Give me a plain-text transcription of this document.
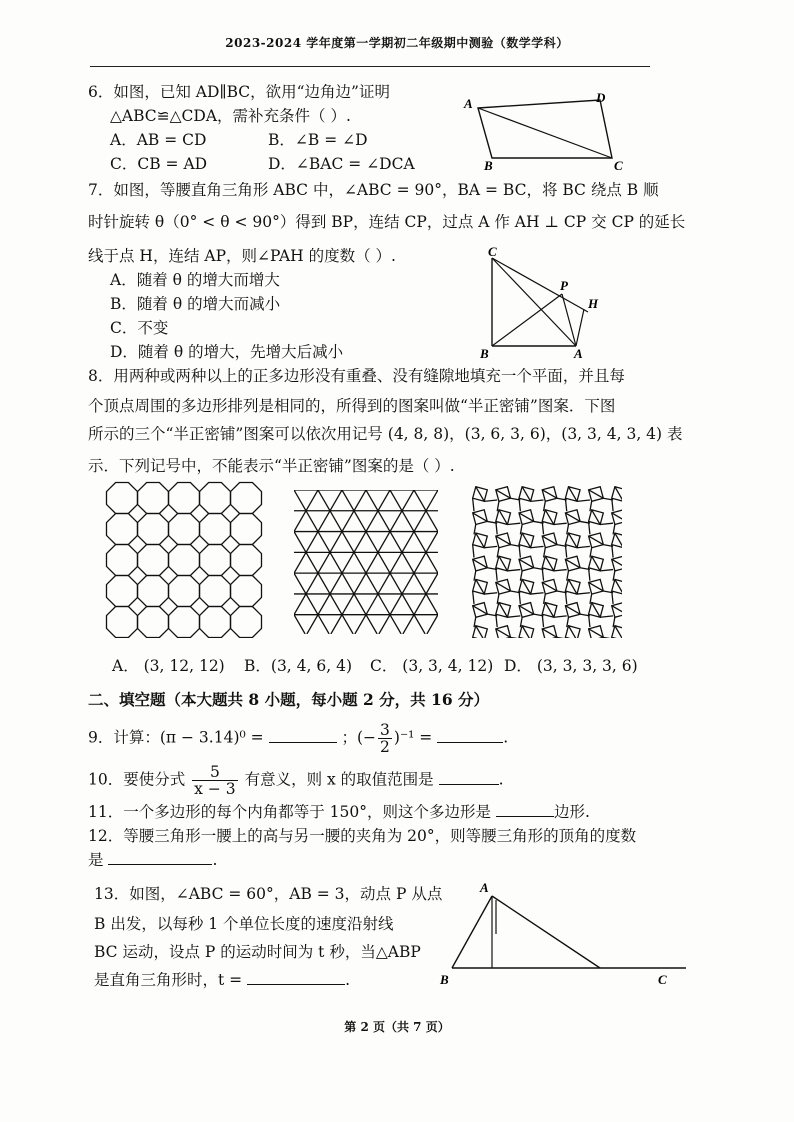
2023-2024 学年度第一学期初二年级期中测验（数学学科）
6．如图，已知 AD∥BC，欲用“边角边”证明
△ABC≌△CDA，需补充条件（ ）.
A．AB = CD	B．∠B = ∠D
C．CB = AD	D．∠BAC = ∠DCA
A	D
B	C
7．如图，等腰直角三角形 ABC 中，∠ABC = 90°，BA = BC，将 BC 绕点 B 顺
时针旋转 θ（0° < θ < 90°）得到 BP，连结 CP，过点 A 作 AH ⊥ CP 交 CP 的延长
线于点 H，连结 AP，则∠PAH 的度数（ ）.
A．随着 θ 的增大而增大
B．随着 θ 的增大而减小
C．不变
D．随着 θ 的增大，先增大后减小
C
P
H
B	A
8．用两种或两种以上的正多边形没有重叠、没有缝隙地填充一个平面，并且每
个顶点周围的多边形排列是相同的，所得到的图案叫做“半正密铺”图案．下图
所示的三个“半正密铺”图案可以依次用记号 (4, 8, 8)，(3, 6, 3, 6)，(3, 3, 4, 3, 4) 表
示．下列记号中，不能表示“半正密铺”图案的是（ ）.
A． (3, 12, 12) B．(3, 4, 6, 4) C． (3, 3, 4, 12) D． (3, 3, 3, 3, 6)
二、填空题（本大题共 8 小题，每小题 2 分，共 16 分）
9．计算：(π − 3.14)⁰ =	；(− $\frac{3}{2} )^{-1}$ =	.
10．要使分式 $\frac{5}{x - 3}$ 有意义，则 x 的取值范围是	.
11．一个多边形的每个内角都等于 150°，则这个多边形是	边形.
12．等腰三角形一腰上的高与另一腰的夹角为 20°，则等腰三角形的顶角的度数
是	.
13．如图，∠ABC = 60°，AB = 3，动点 P 从点
B 出发，以每秒 1 个单位长度的速度沿射线
BC 运动，设点 P 的运动时间为 t 秒，当△ABP
是直角三角形时，t =	.
A
B	C
第 2 页（共 7 页）
